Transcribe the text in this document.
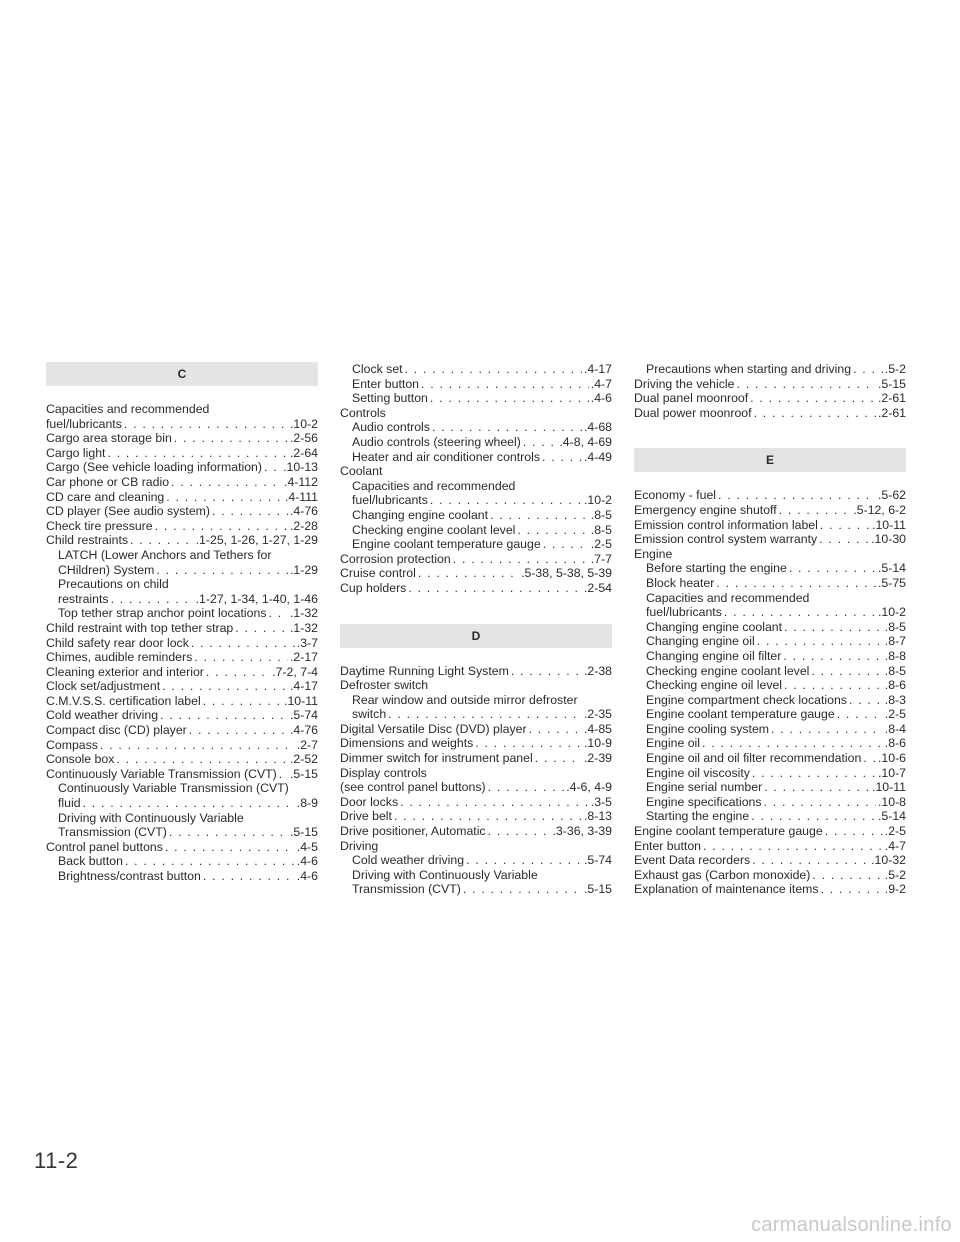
C
Capacities and recommended
fuel/lubricants . . .	.10-2
Cargo area storage bin . . .	.2-56
Cargo light . . .	.2-64
Cargo (See vehicle loading information) . . . .10-13
Car phone or CB radio . . .	.4-112
CD care and cleaning . . .	.4-111
CD player (See audio system) . . .	.4-76
Check tire pressure . . .	.2-28
Child restraints . . .	.1-25, 1-26, 1-27, 1-29
LATCH (Lower Anchors and Tethers for
CHildren) System . . .	.1-29
Precautions on child
restraints . . .	.1-27, 1-34, 1-40, 1-46
Top tether strap anchor point locations . . . .1-32
Child restraint with top tether strap . . .	.1-32
Child safety rear door lock . . .	.3-7
Chimes, audible reminders . . .	.2-17
Cleaning exterior and interior . . .	.7-2, 7-4
Clock set/adjustment . . .	.4-17
C.M.V.S.S. certification label . . .	.10-11
Cold weather driving . . .	.5-74
Compact disc (CD) player . . .	.4-76
Compass . . .	.2-7
Console box . . .	.2-52
Continuously Variable Transmission (CVT) . . . .5-15
Continuously Variable Transmission (CVT)
fluid . . .	.8-9
Driving with Continuously Variable
Transmission (CVT) . . .	.5-15
Control panel buttons . . .	.4-5
Back button . . .	.4-6
Brightness/contrast button . . .	.4-6
Clock set . . .	.4-17
Enter button . . .	.4-7
Setting button . . .	.4-6
Controls
Audio controls . . .	.4-68
Audio controls (steering wheel) . . .	.4-8, 4-69
Heater and air conditioner controls . . .	.4-49
Coolant
Capacities and recommended
fuel/lubricants . . .	.10-2
Changing engine coolant . . .	.8-5
Checking engine coolant level . . .	.8-5
Engine coolant temperature gauge . . .	.2-5
Corrosion protection . . .	.7-7
Cruise control . . .	.5-38, 5-38, 5-39
Cup holders . . .	.2-54
D
Daytime Running Light System . . .	.2-38
Defroster switch
Rear window and outside mirror defroster
switch . . .	.2-35
Digital Versatile Disc (DVD) player . . .	.4-85
Dimensions and weights . . .	.10-9
Dimmer switch for instrument panel . . .	.2-39
Display controls
(see control panel buttons) . . .	.4-6, 4-9
Door locks . . .	.3-5
Drive belt . . .	.8-13
Drive positioner, Automatic . . .	.3-36, 3-39
Driving
Cold weather driving . . .	.5-74
Driving with Continuously Variable
Transmission (CVT) . . .	.5-15
Precautions when starting and driving . . .	.5-2
Driving the vehicle . . .	.5-15
Dual panel moonroof . . .	.2-61
Dual power moonroof . . .	.2-61
E
Economy - fuel . . .	.5-62
Emergency engine shutoff . . .	.5-12, 6-2
Emission control information label . . .	.10-11
Emission control system warranty . . .	.10-30
Engine
Before starting the engine . . .	.5-14
Block heater . . .	.5-75
Capacities and recommended
fuel/lubricants . . .	.10-2
Changing engine coolant . . .	.8-5
Changing engine oil . . .	.8-7
Changing engine oil filter . . .	.8-8
Checking engine coolant level . . .	.8-5
Checking engine oil level . . .	.8-6
Engine compartment check locations . . .	.8-3
Engine coolant temperature gauge . . .	.2-5
Engine cooling system . . .	.8-4
Engine oil . . .	.8-6
Engine oil and oil filter recommendation . . . .10-6
Engine oil viscosity . . .	.10-7
Engine serial number . . .	.10-11
Engine specifications . . .	.10-8
Starting the engine . . .	.5-14
Engine coolant temperature gauge . . .	.2-5
Enter button . . .	.4-7
Event Data recorders . . .	.10-32
Exhaust gas (Carbon monoxide) . . .	.5-2
Explanation of maintenance items . . .	.9-2
11-2
carmanualsonline.info
